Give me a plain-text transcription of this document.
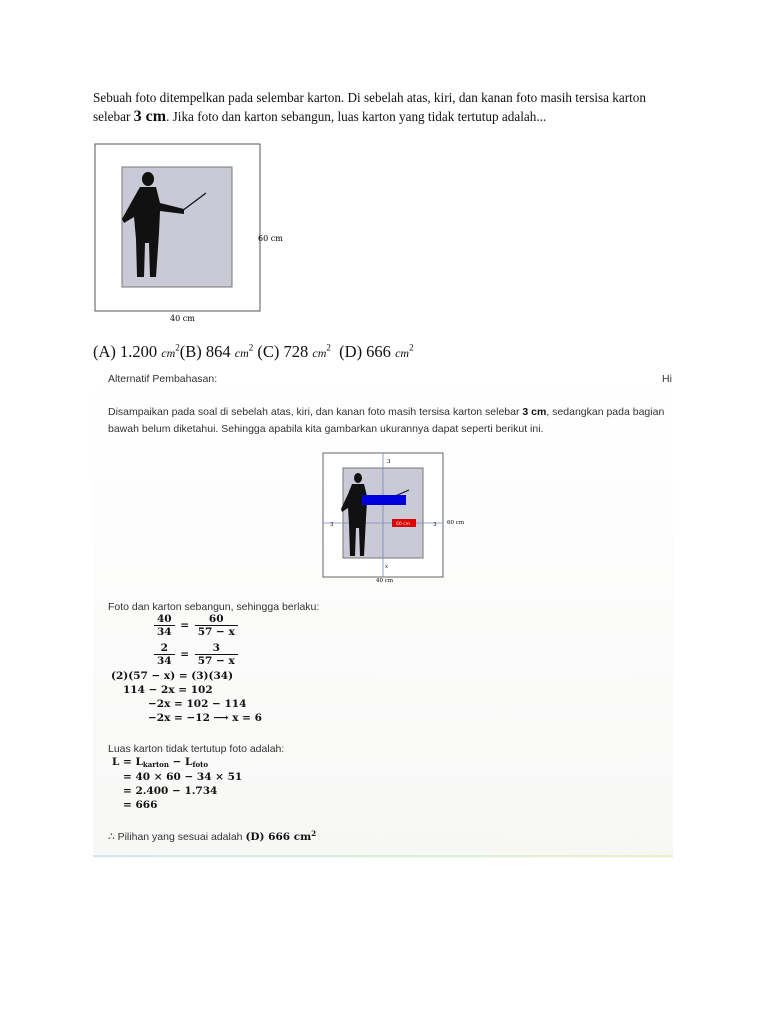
Sebuah foto ditempelkan pada selembar karton. Di sebelah atas, kiri, dan kanan foto masih tersisa karton selebar 3 cm. Jika foto dan karton sebangun, luas karton yang tidak tertutup adalah...
60 cm
40 cm
(A) 1.200 $cm^2(B)$ 864 $cm^2$ (C) 728 $cm^2$ (D) 666 $cm^2$
Alternatif Pembahasan:	Hi
Disampaikan pada soal di sebelah atas, kiri, dan kanan foto masih tersisa karton selebar 3 cm, sedangkan pada bagian bawah belum diketahui. Sehingga apabila kita gambarkan ukurannya dapat seperti berikut ini.
60 cm
3
3	3
x
60 cm
40 cm
Foto dan karton sebangun, sehingga berlaku:
$\frac{40}{34} = \frac{60}{57 - x}$
$\frac{2}{34} = \frac{3}{57 - x}$
(2)(57 − x) = (3)(34)
114 − 2x = 102
−2x = 102 − 114
−2x = −12 ⟶ x = 6
Luas karton tidak tertutup foto adalah:
$L = L_{karton} - L_{foto}$
= 40 × 60 − 34 × 51
= 2.400 − 1.734
= 666
∴ Pilihan yang sesuai adalah (D) 666 $cm^2$
